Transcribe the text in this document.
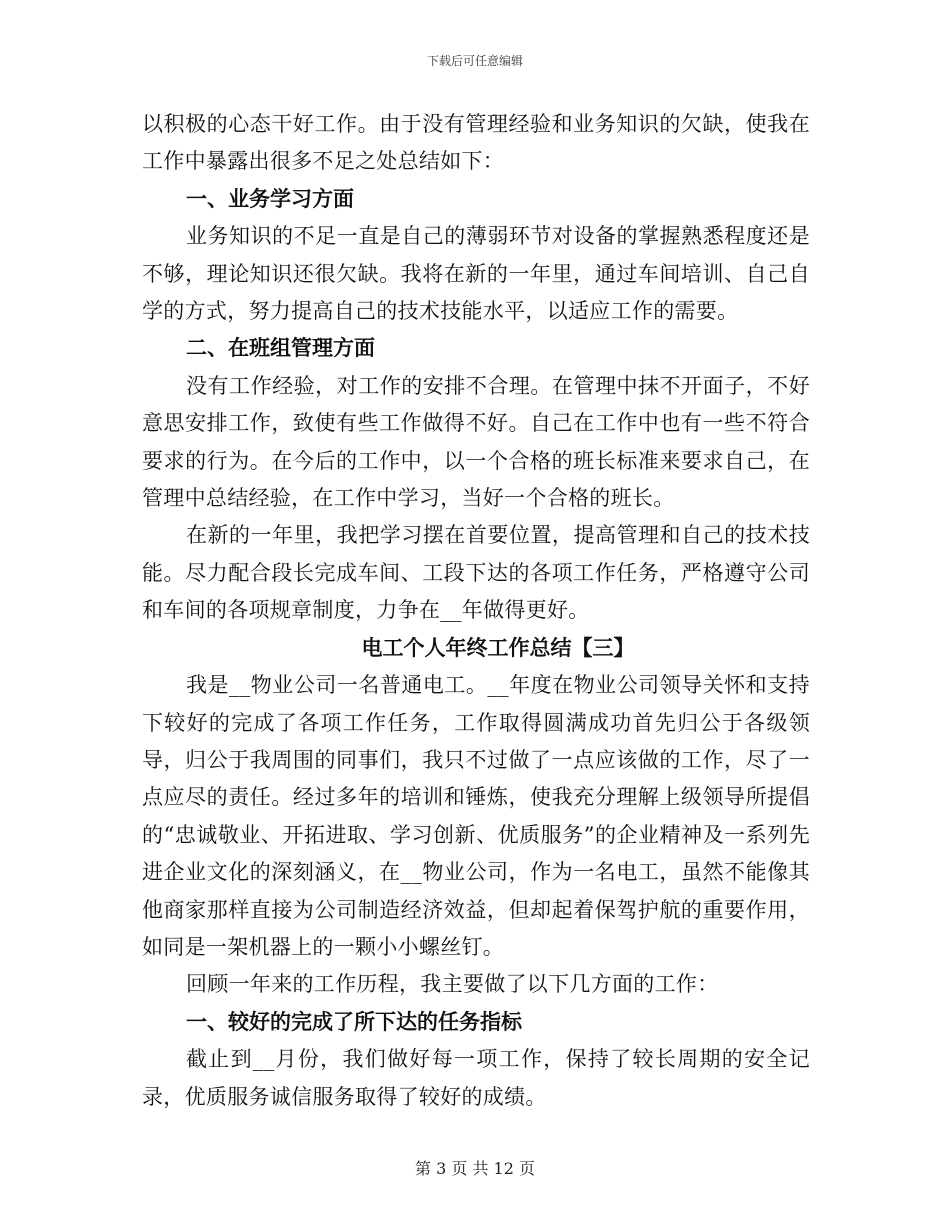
下载后可任意编辑

以积极的心态干好工作。由于没有管理经验和业务知识的欠缺，使我在工作中暴露出很多不足之处总结如下：

一、业务学习方面

业务知识的不足一直是自己的薄弱环节对设备的掌握熟悉程度还是不够，理论知识还很欠缺。我将在新的一年里，通过车间培训、自己自学的方式，努力提高自己的技术技能水平，以适应工作的需要。

二、在班组管理方面

没有工作经验，对工作的安排不合理。在管理中抹不开面子，不好意思安排工作，致使有些工作做得不好。自己在工作中也有一些不符合要求的行为。在今后的工作中，以一个合格的班长标准来要求自己，在管理中总结经验，在工作中学习，当好一个合格的班长。

在新的一年里，我把学习摆在首要位置，提高管理和自己的技术技能。尽力配合段长完成车间、工段下达的各项工作任务，严格遵守公司和车间的各项规章制度，力争在__年做得更好。

电工个人年终工作总结【三】

我是__物业公司一名普通电工。__年度在物业公司领导关怀和支持下较好的完成了各项工作任务，工作取得圆满成功首先归公于各级领导，归公于我周围的同事们，我只不过做了一点应该做的工作，尽了一点应尽的责任。经过多年的培训和锤炼，使我充分理解上级领导所提倡的“忠诚敬业、开拓进取、学习创新、优质服务”的企业精神及一系列先进企业文化的深刻涵义，在__物业公司，作为一名电工，虽然不能像其他商家那样直接为公司制造经济效益，但却起着保驾护航的重要作用，如同是一架机器上的一颗小小螺丝钉。

回顾一年来的工作历程，我主要做了以下几方面的工作：

一、较好的完成了所下达的任务指标

截止到__月份，我们做好每一项工作，保持了较长周期的安全记录，优质服务诚信服务取得了较好的成绩。

第 3 页 共 12 页
